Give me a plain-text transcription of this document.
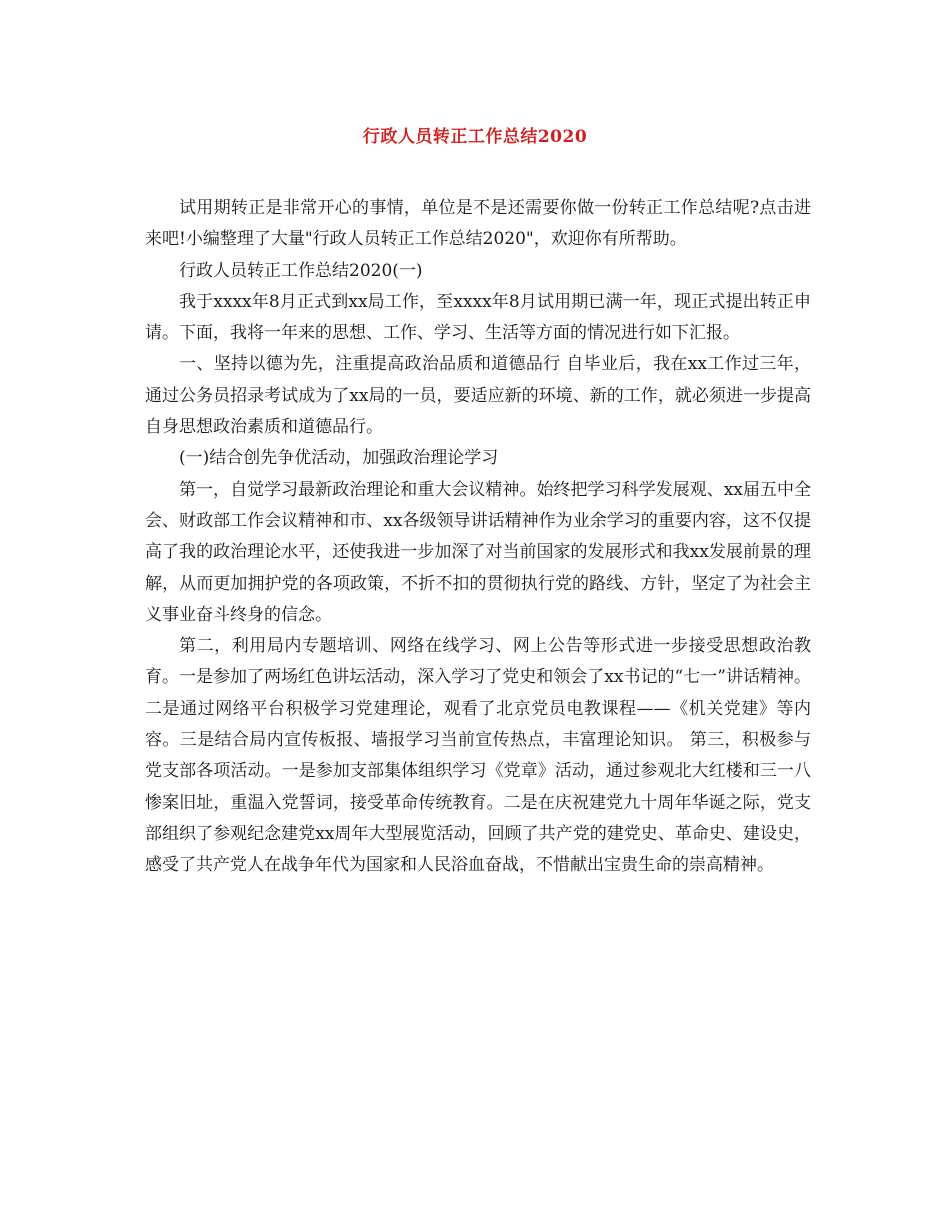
行政人员转正工作总结2020

试用期转正是非常开心的事情，单位是不是还需要你做一份转正工作总结呢?点击进来吧!小编整理了大量"行政人员转正工作总结2020"，欢迎你有所帮助。

行政人员转正工作总结2020(一)

我于xxxx年8月正式到xx局工作，至xxxx年8月试用期已满一年，现正式提出转正申请。下面，我将一年来的思想、工作、学习、生活等方面的情况进行如下汇报。

一、坚持以德为先，注重提高政治品质和道德品行 自毕业后，我在xx工作过三年，通过公务员招录考试成为了xx局的一员，要适应新的环境、新的工作，就必须进一步提高自身思想政治素质和道德品行。

(一)结合创先争优活动，加强政治理论学习

第一，自觉学习最新政治理论和重大会议精神。始终把学习科学发展观、xx届五中全会、财政部工作会议精神和市、xx各级领导讲话精神作为业余学习的重要内容，这不仅提高了我的政治理论水平，还使我进一步加深了对当前国家的发展形式和我xx发展前景的理解，从而更加拥护党的各项政策，不折不扣的贯彻执行党的路线、方针，坚定了为社会主义事业奋斗终身的信念。

第二，利用局内专题培训、网络在线学习、网上公告等形式进一步接受思想政治教育。一是参加了两场红色讲坛活动，深入学习了党史和领会了xx书记的“七一”讲话精神。二是通过网络平台积极学习党建理论，观看了北京党员电教课程——《机关党建》等内容。三是结合局内宣传板报、墙报学习当前宣传热点，丰富理论知识。 第三，积极参与党支部各项活动。一是参加支部集体组织学习《党章》活动，通过参观北大红楼和三一八惨案旧址，重温入党誓词，接受革命传统教育。二是在庆祝建党九十周年华诞之际，党支部组织了参观纪念建党xx周年大型展览活动，回顾了共产党的建党史、革命史、建设史，感受了共产党人在战争年代为国家和人民浴血奋战，不惜献出宝贵生命的崇高精神。
